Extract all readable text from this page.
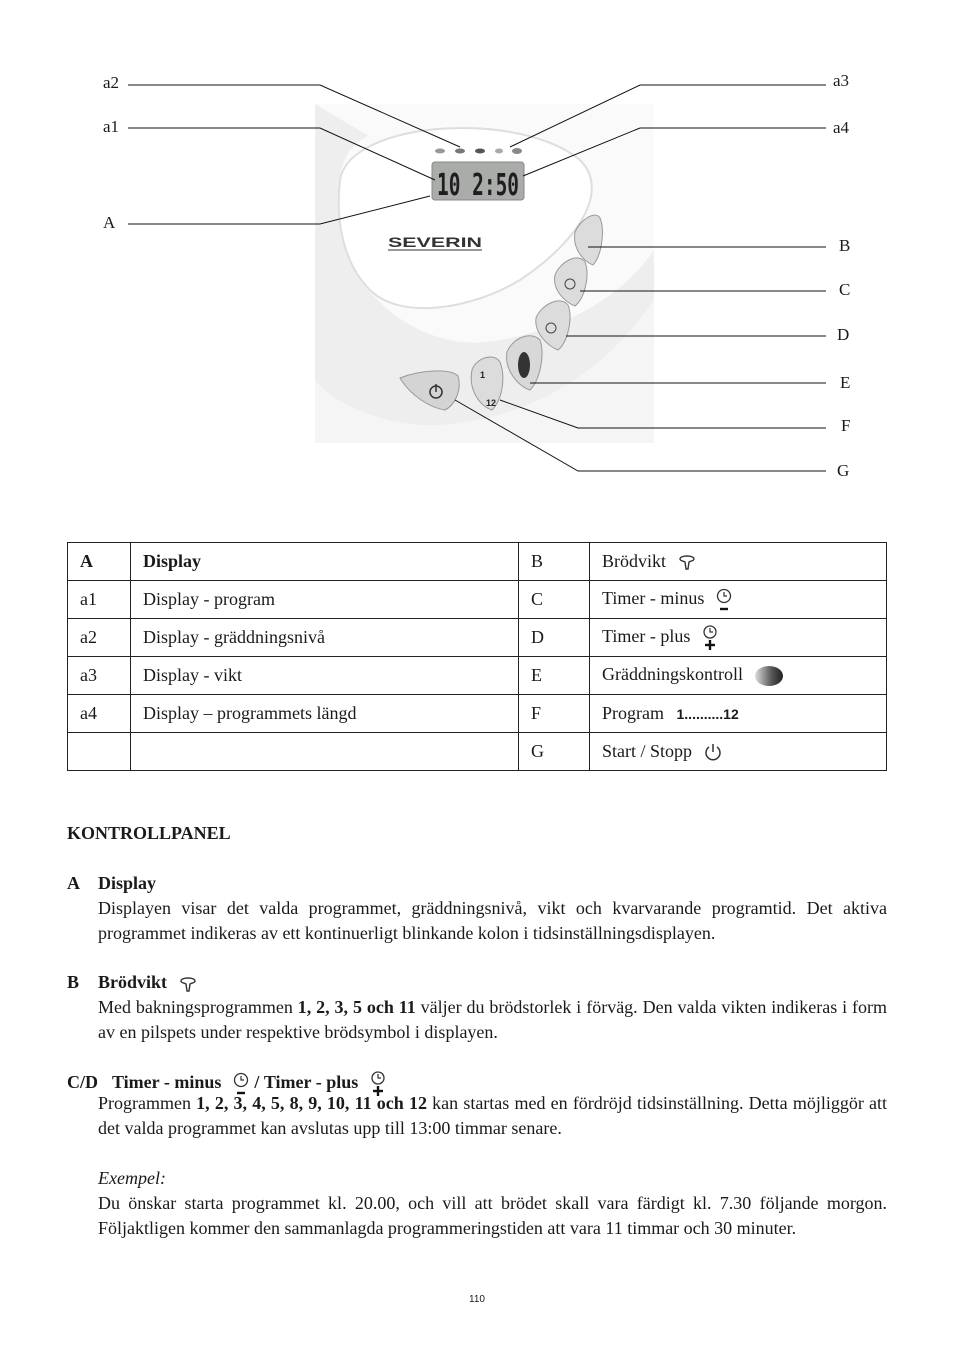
10 2:50
SEVERIN
1
12
a2
a1
A
a3
a4
B
C
D
E
F
G
A	Display	B	Brödvikt
a1	Display - program	C	Timer - minus
a2	Display - gräddningsnivå	D	Timer - plus
a3	Display - vikt	E	Gräddningskontroll
a4	Display – programmets längd	F	Program 1..........12
		G	Start / Stopp
KONTROLLPANEL
A Display
Displayen visar det valda programmet, gräddningsnivå, vikt och kvarvarande programtid. Det aktiva programmet indikeras av ett kontinuerligt blinkande kolon i tidsinställningsdisplayen.
B Brödvikt
Med bakningsprogrammen 1, 2, 3, 5 och 11 väljer du brödstorlek i förväg. Den valda vikten indikeras i form av en pilspets under respektive brödsymbol i displayen.
C/D Timer - minus / Timer - plus
Programmen 1, 2, 3, 4, 5, 8, 9, 10, 11 och 12 kan startas med en fördröjd tidsinställning. Detta möjliggör att det valda programmet kan avslutas upp till 13:00 timmar senare.
Exempel:
Du önskar starta programmet kl. 20.00, och vill att brödet skall vara färdigt kl. 7.30 följande morgon. Följaktligen kommer den sammanlagda programmeringstiden att vara 11 timmar och 30 minuter.
110
